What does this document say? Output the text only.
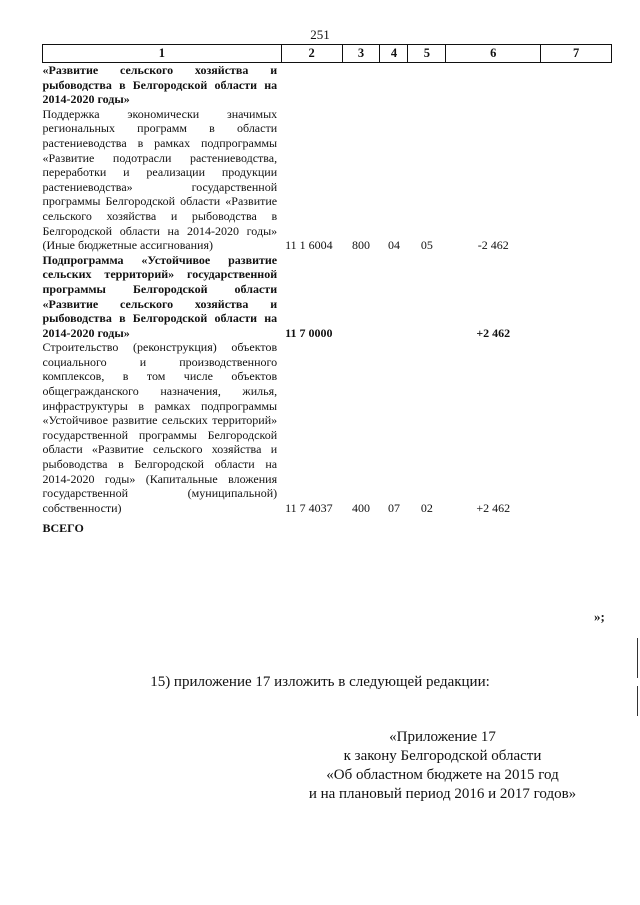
251
1	2	3	4	5	6	7
«Развитие сельского хозяйства и рыбоводства в Белгородской области на 2014-2020 годы»						
Поддержка экономически значимых региональных программ в области растениеводства в рамках подпрограммы «Развитие подотрасли растениеводства, переработки и реализации продукции растениеводства» государственной программы Белгородской области «Развитие сельского хозяйства и рыбоводства в Белгородской области на 2014-2020 годы» (Иные бюджетные ассигнования)	11 1 6004	800	04	05	-2 462	
Подпрограмма «Устойчивое развитие сельских территорий» государственной программы Белгородской области «Развитие сельского хозяйства и рыбоводства в Белгородской области на 2014-2020 годы»	11 7 0000				+2 462	
Строительство (реконструкция) объектов социального и производственного комплексов, в том числе объектов общегражданского назначения, жилья, инфраструктуры в рамках подпрограммы «Устойчивое развитие сельских территорий» государственной программы Белгородской области «Развитие сельского хозяйства и рыбоводства в Белгородской области на 2014-2020 годы» (Капитальные вложения государственной (муниципальной) собственности)	11 7 4037	400	07	02	+2 462	
ВСЕГО						
»;
15) приложение 17 изложить в следующей редакции:
«Приложение 17
к закону Белгородской области
«Об областном бюджете на 2015 год
и на плановый период 2016 и 2017 годов»
